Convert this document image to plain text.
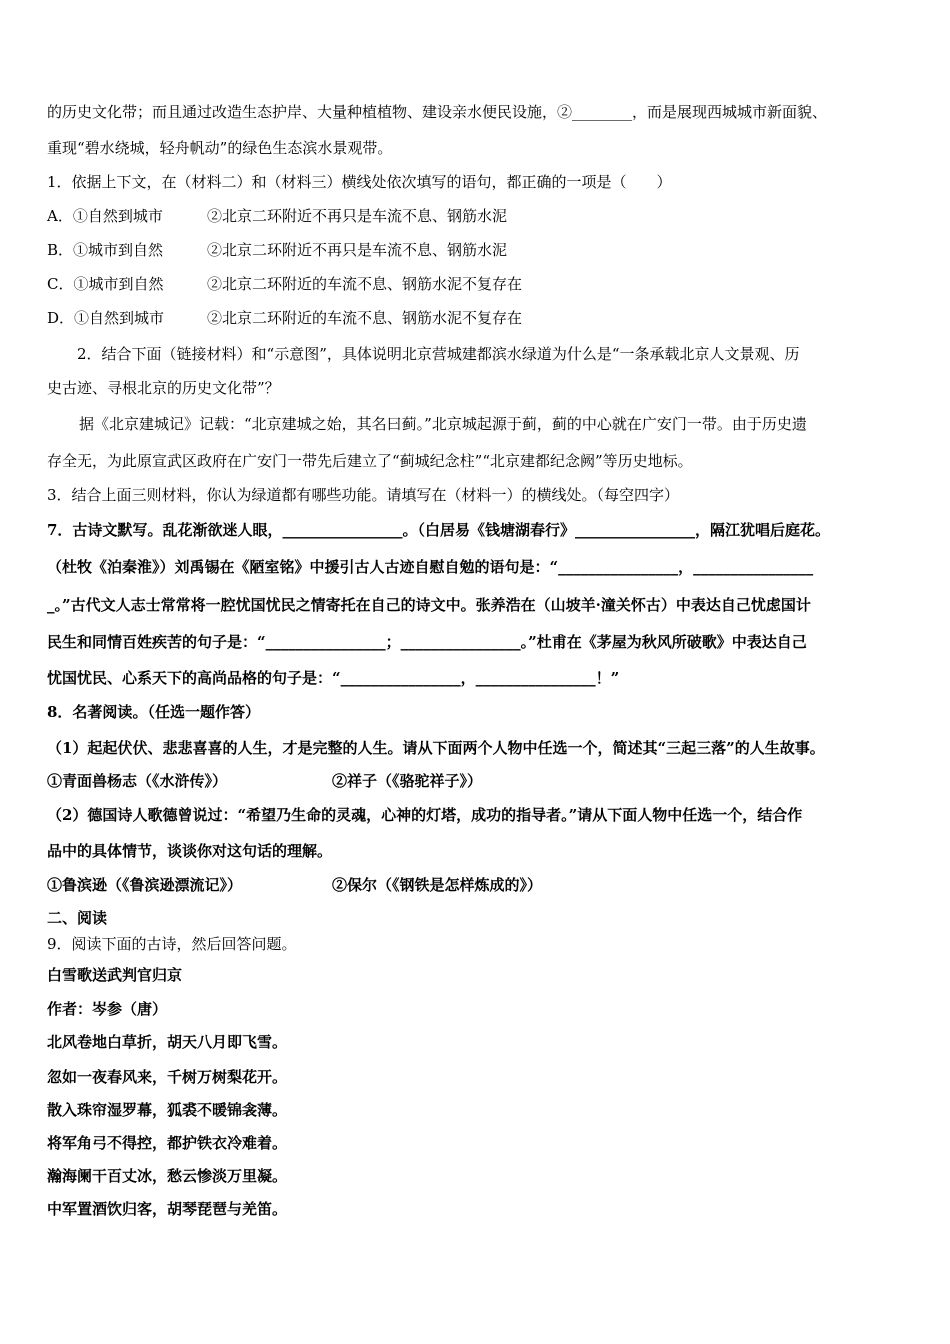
的历史文化带；而且通过改造生态护岸、大量种植植物、建设亲水便民设施，②________，而是展现西城城市新面貌、
重现“碧水绕城，轻舟帆动”的绿色生态滨水景观带。
1．依据上下文，在（材料二）和（材料三）横线处依次填写的语句，都正确的一项是（　　）
A．①自然到城市	②北京二环附近不再只是车流不息、钢筋水泥
B．①城市到自然	②北京二环附近不再只是车流不息、钢筋水泥
C．①城市到自然	②北京二环附近的车流不息、钢筋水泥不复存在
D．①自然到城市	②北京二环附近的车流不息、钢筋水泥不复存在
2．结合下面（链接材料）和“示意图”，具体说明北京营城建都滨水绿道为什么是“一条承载北京人文景观、历
史古迹、寻根北京的历史文化带”？
据《北京建城记》记载：“北京建城之始，其名曰蓟。”北京城起源于蓟，蓟的中心就在广安门一带。由于历史遗
存全无，为此原宣武区政府在广安门一带先后建立了“蓟城纪念柱”“北京建都纪念阙”等历史地标。
3．结合上面三则材料，你认为绿道都有哪些功能。请填写在（材料一）的横线处。（每空四字）
7．古诗文默写。乱花渐欲迷人眼，________________。（白居易《钱塘湖春行》________________，隔江犹唱后庭花。
（杜牧《泊秦淮》）刘禹锡在《陋室铭》中援引古人古迹自慰自勉的语句是：“________________，________________
_。”古代文人志士常常将一腔忧国忧民之情寄托在自己的诗文中。张养浩在（山坡羊·潼关怀古）中表达自己忧虑国计
民生和同情百姓疾苦的句子是：“________________；________________。”杜甫在《茅屋为秋风所破歌》中表达自己
忧国忧民、心系天下的高尚品格的句子是：“________________，________________！”
8．名著阅读。（任选一题作答）
（1）起起伏伏、悲悲喜喜的人生，才是完整的人生。请从下面两个人物中任选一个，简述其“三起三落”的人生故事。
①青面兽杨志（《水浒传》）	②祥子（《骆驼祥子》）
（2）德国诗人歌德曾说过：“希望乃生命的灵魂，心神的灯塔，成功的指导者。”请从下面人物中任选一个，结合作
品中的具体情节，谈谈你对这句话的理解。
①鲁滨逊（《鲁滨逊漂流记》）	②保尔（《钢铁是怎样炼成的》）
二、阅读
9．阅读下面的古诗，然后回答问题。
白雪歌送武判官归京
作者：岑参（唐）
北风卷地白草折，胡天八月即飞雪。
忽如一夜春风来，千树万树梨花开。
散入珠帘湿罗幕，狐裘不暖锦衾薄。
将军角弓不得控，都护铁衣冷难着。
瀚海阑干百丈冰，愁云惨淡万里凝。
中军置酒饮归客，胡琴琵琶与羌笛。
